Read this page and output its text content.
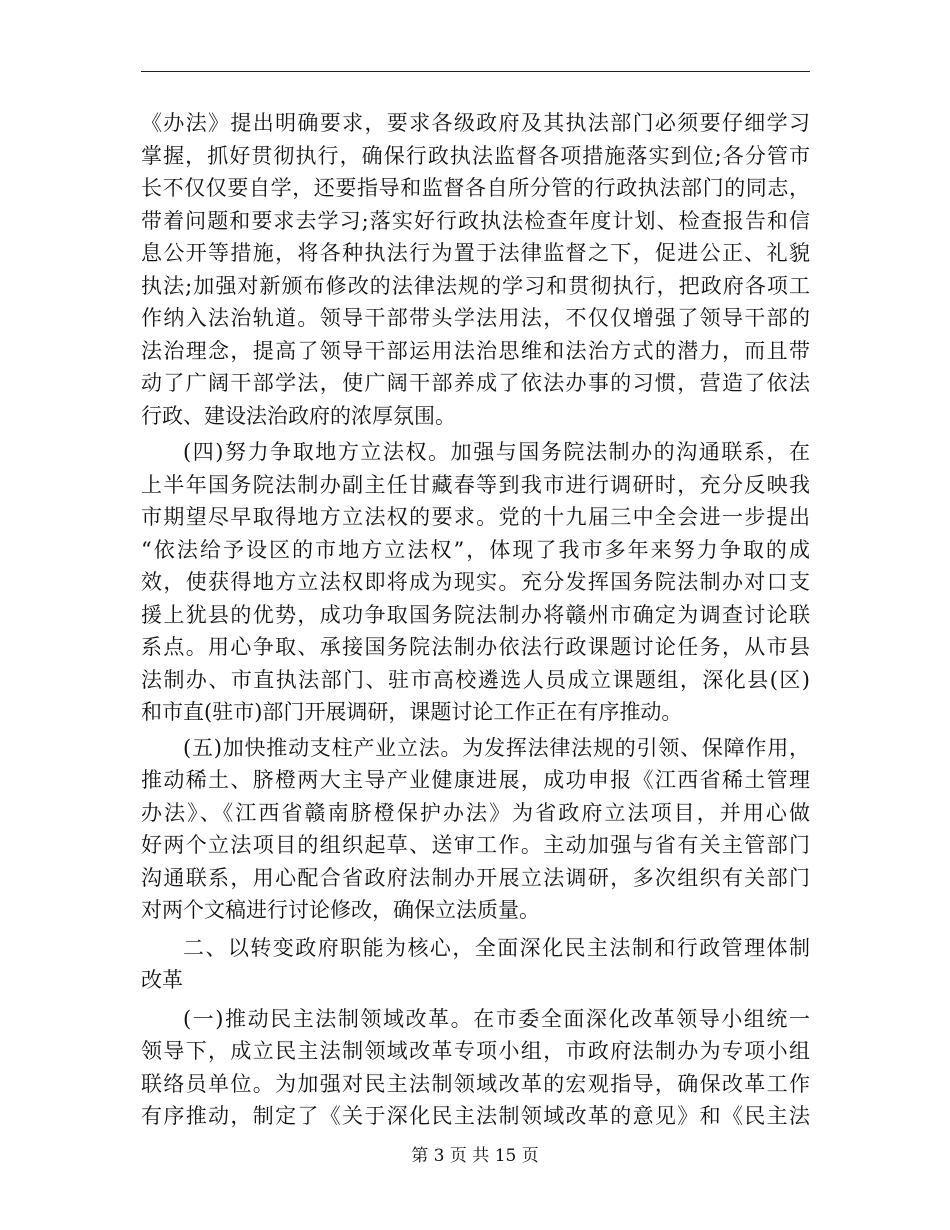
《办法》提出明确要求，要求各级政府及其执法部门必须要仔细学习
掌握，抓好贯彻执行，确保行政执法监督各项措施落实到位;各分管市
长不仅仅要自学，还要指导和监督各自所分管的行政执法部门的同志，
带着问题和要求去学习;落实好行政执法检查年度计划、检查报告和信
息公开等措施，将各种执法行为置于法律监督之下，促进公正、礼貌
执法;加强对新颁布修改的法律法规的学习和贯彻执行，把政府各项工
作纳入法治轨道。领导干部带头学法用法，不仅仅增强了领导干部的
法治理念，提高了领导干部运用法治思维和法治方式的潜力，而且带
动了广阔干部学法，使广阔干部养成了依法办事的习惯，营造了依法
行政、建设法治政府的浓厚氛围。
(四)努力争取地方立法权。加强与国务院法制办的沟通联系，在
上半年国务院法制办副主任甘藏春等到我市进行调研时，充分反映我
市期望尽早取得地方立法权的要求。党的十九届三中全会进一步提出
“依法给予设区的市地方立法权”，体现了我市多年来努力争取的成
效，使获得地方立法权即将成为现实。充分发挥国务院法制办对口支
援上犹县的优势，成功争取国务院法制办将赣州市确定为调查讨论联
系点。用心争取、承接国务院法制办依法行政课题讨论任务，从市县
法制办、市直执法部门、驻市高校遴选人员成立课题组，深化县(区)
和市直(驻市)部门开展调研，课题讨论工作正在有序推动。
(五)加快推动支柱产业立法。为发挥法律法规的引领、保障作用，
推动稀土、脐橙两大主导产业健康进展，成功申报《江西省稀土管理
办法》、《江西省赣南脐橙保护办法》为省政府立法项目，并用心做
好两个立法项目的组织起草、送审工作。主动加强与省有关主管部门
沟通联系，用心配合省政府法制办开展立法调研，多次组织有关部门
对两个文稿进行讨论修改，确保立法质量。
二、以转变政府职能为核心，全面深化民主法制和行政管理体制
改革
(一)推动民主法制领域改革。在市委全面深化改革领导小组统一
领导下，成立民主法制领域改革专项小组，市政府法制办为专项小组
联络员单位。为加强对民主法制领域改革的宏观指导，确保改革工作
有序推动，制定了《关于深化民主法制领域改革的意见》和《民主法
第 3 页 共 15 页
